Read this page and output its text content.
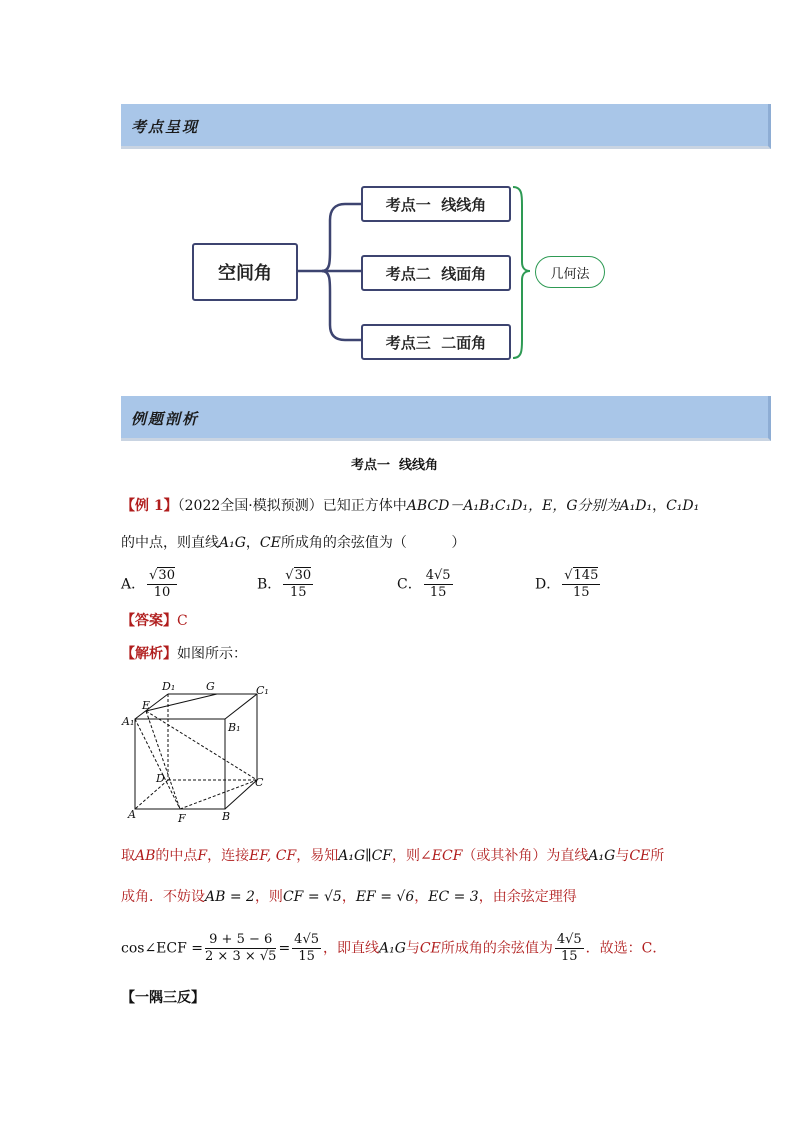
考点呈现
空间角
考点一  线线角
考点二  线面角
考点三  二面角
几何法
例题剖析
考点一  线线角
【例 1】（2022全国·模拟预测）已知正方体中ABCD－A₁B₁C₁D₁，E，G分别为A₁D₁，C₁D₁
的中点，则直线A₁G，CE所成角的余弦值为（          ）
A． $\frac{√30}{10}$	B． $\frac{√30}{15}$	C． $\frac{4√5}{15}$	D． $\frac{√145}{15}$
【答案】C
【解析】如图所示：
D₁	G	C₁
E
A₁	B₁
D	C
A	F	B
取AB的中点F，连接EF, CF，易知A₁G∥CF，则∠ECF（或其补角）为直线A₁G与CE所
成角．不妨设AB = 2，则CF = √5，EF = √6，EC = 3，由余弦定理得
cos∠ECF = $\frac{9 + 5 - 6}{2 \times 3 \times √5} = \frac{4√5}{15}$ ，即直线A₁G与CE所成角的余弦值为 $\frac{4√5}{15}$ ．故选：C．
【一隅三反】
